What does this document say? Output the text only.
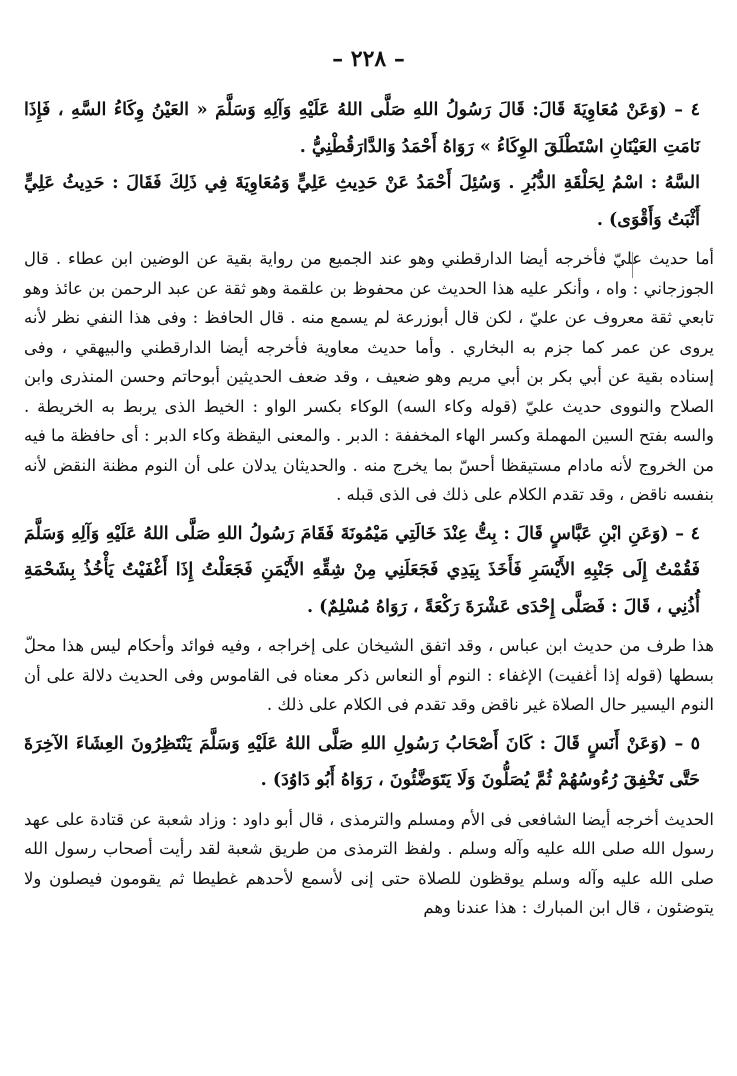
– ٢٢٨ –

٤ – (وَعَنْ مُعَاوِيَةَ قَالَ: قَالَ رَسُولُ اللهِ صَلَّى اللهُ عَلَيْهِ وَآلِهِ وَسَلَّمَ « العَيْنُ وِكَاءُ السَّهِ ، فَإِذَا نَامَتِ العَيْنَانِ اسْتَطْلَقَ الوِكَاءُ » رَوَاهُ أَحْمَدُ وَالدَّارَقُطْنِيُّ .
السَّهُ : اسْمُ لِحَلْقَةِ الدُّبُرِ . وَسُئِلَ أَحْمَدُ عَنْ حَدِيثِ عَلِيٍّ وَمُعَاوِيَةَ فِي ذَلِكَ فَقَالَ : حَدِيثُ عَلِيٍّ أَثْبَتُ وَأَقْوَى) .

أما حديث عليّ فأخرجه أيضا الدارقطني وهو عند الجميع من رواية بقية عن الوضين ابن عطاء . قال الجوزجاني : واه ، وأنكر عليه هذا الحديث عن محفوظ بن علقمة وهو ثقة عن عبد الرحمن بن عائذ وهو تابعي ثقة معروف عن عليّ ، لكن قال أبوزرعة لم يسمع منه . قال الحافظ : وفى هذا النفي نظر لأنه يروى عن عمر كما جزم به البخاري . وأما حديث معاوية فأخرجه أيضا الدارقطني والبيهقي ، وفى إسناده بقية عن أبي بكر بن أبي مريم وهو ضعيف ، وقد ضعف الحديثين أبوحاتم وحسن المنذرى وابن الصلاح والنووى حديث عليّ (قوله وكاء السه) الوكاء بكسر الواو : الخيط الذى يربط به الخريطة . والسه بفتح السين المهملة وكسر الهاء المخففة : الدبر . والمعنى اليقظة وكاء الدبر : أى حافظة ما فيه من الخروج لأنه مادام مستيقظا أحسّ بما يخرج منه . والحديثان يدلان على أن النوم مظنة النقض لأنه بنفسه ناقض ، وقد تقدم الكلام على ذلك فى الذى قبله .

٤ – (وَعَنِ ابْنِ عَبَّاسٍ قَالَ : بِتُّ عِنْدَ خَالَتِي مَيْمُونَةَ فَقَامَ رَسُولُ اللهِ صَلَّى اللهُ عَلَيْهِ وَآلِهِ وَسَلَّمَ فَقُمْتُ إِلَى جَنْبِهِ الأَيْسَرِ فَأَخَذَ بِيَدِي فَجَعَلَنِي مِنْ شِقِّهِ الأَيْمَنِ فَجَعَلْتُ إِذَا أَغْفَيْتُ يَأْخُذُ بِشَحْمَةِ أُذُنِي ، قَالَ : فَصَلَّى إِحْدَى عَشْرَةَ رَكْعَةً ، رَوَاهُ مُسْلِمٌ) .

هذا طرف من حديث ابن عباس ، وقد اتفق الشيخان على إخراجه ، وفيه فوائد وأحكام ليس هذا محلّ بسطها (قوله إذا أغفيت) الإغفاء : النوم أو النعاس ذكر معناه فى القاموس وفى الحديث دلالة على أن النوم اليسير حال الصلاة غير ناقض وقد تقدم فى الكلام على ذلك .

٥ – (وَعَنْ أَنَسٍ قَالَ : كَانَ أَصْحَابُ رَسُولِ اللهِ صَلَّى اللهُ عَلَيْهِ وَسَلَّمَ يَنْتَظِرُونَ العِشَاءَ الآخِرَةَ حَتَّى تَخْفِقَ رُءُوسُهُمْ ثُمَّ يُصَلُّونَ وَلَا يَتَوَضَّئُونَ ، رَوَاهُ أَبُو دَاوُدَ) .

الحديث أخرجه أيضا الشافعى فى الأم ومسلم والترمذى ، قال أبو داود : وزاد شعبة عن قتادة على عهد رسول الله صلى الله عليه وآله وسلم . ولفظ الترمذى من طريق شعبة لقد رأيت أصحاب رسول الله صلى الله عليه وآله وسلم يوقظون للصلاة حتى إنى لأسمع لأحدهم غطيطا ثم يقومون فيصلون ولا يتوضئون ، قال ابن المبارك : هذا عندنا وهم
